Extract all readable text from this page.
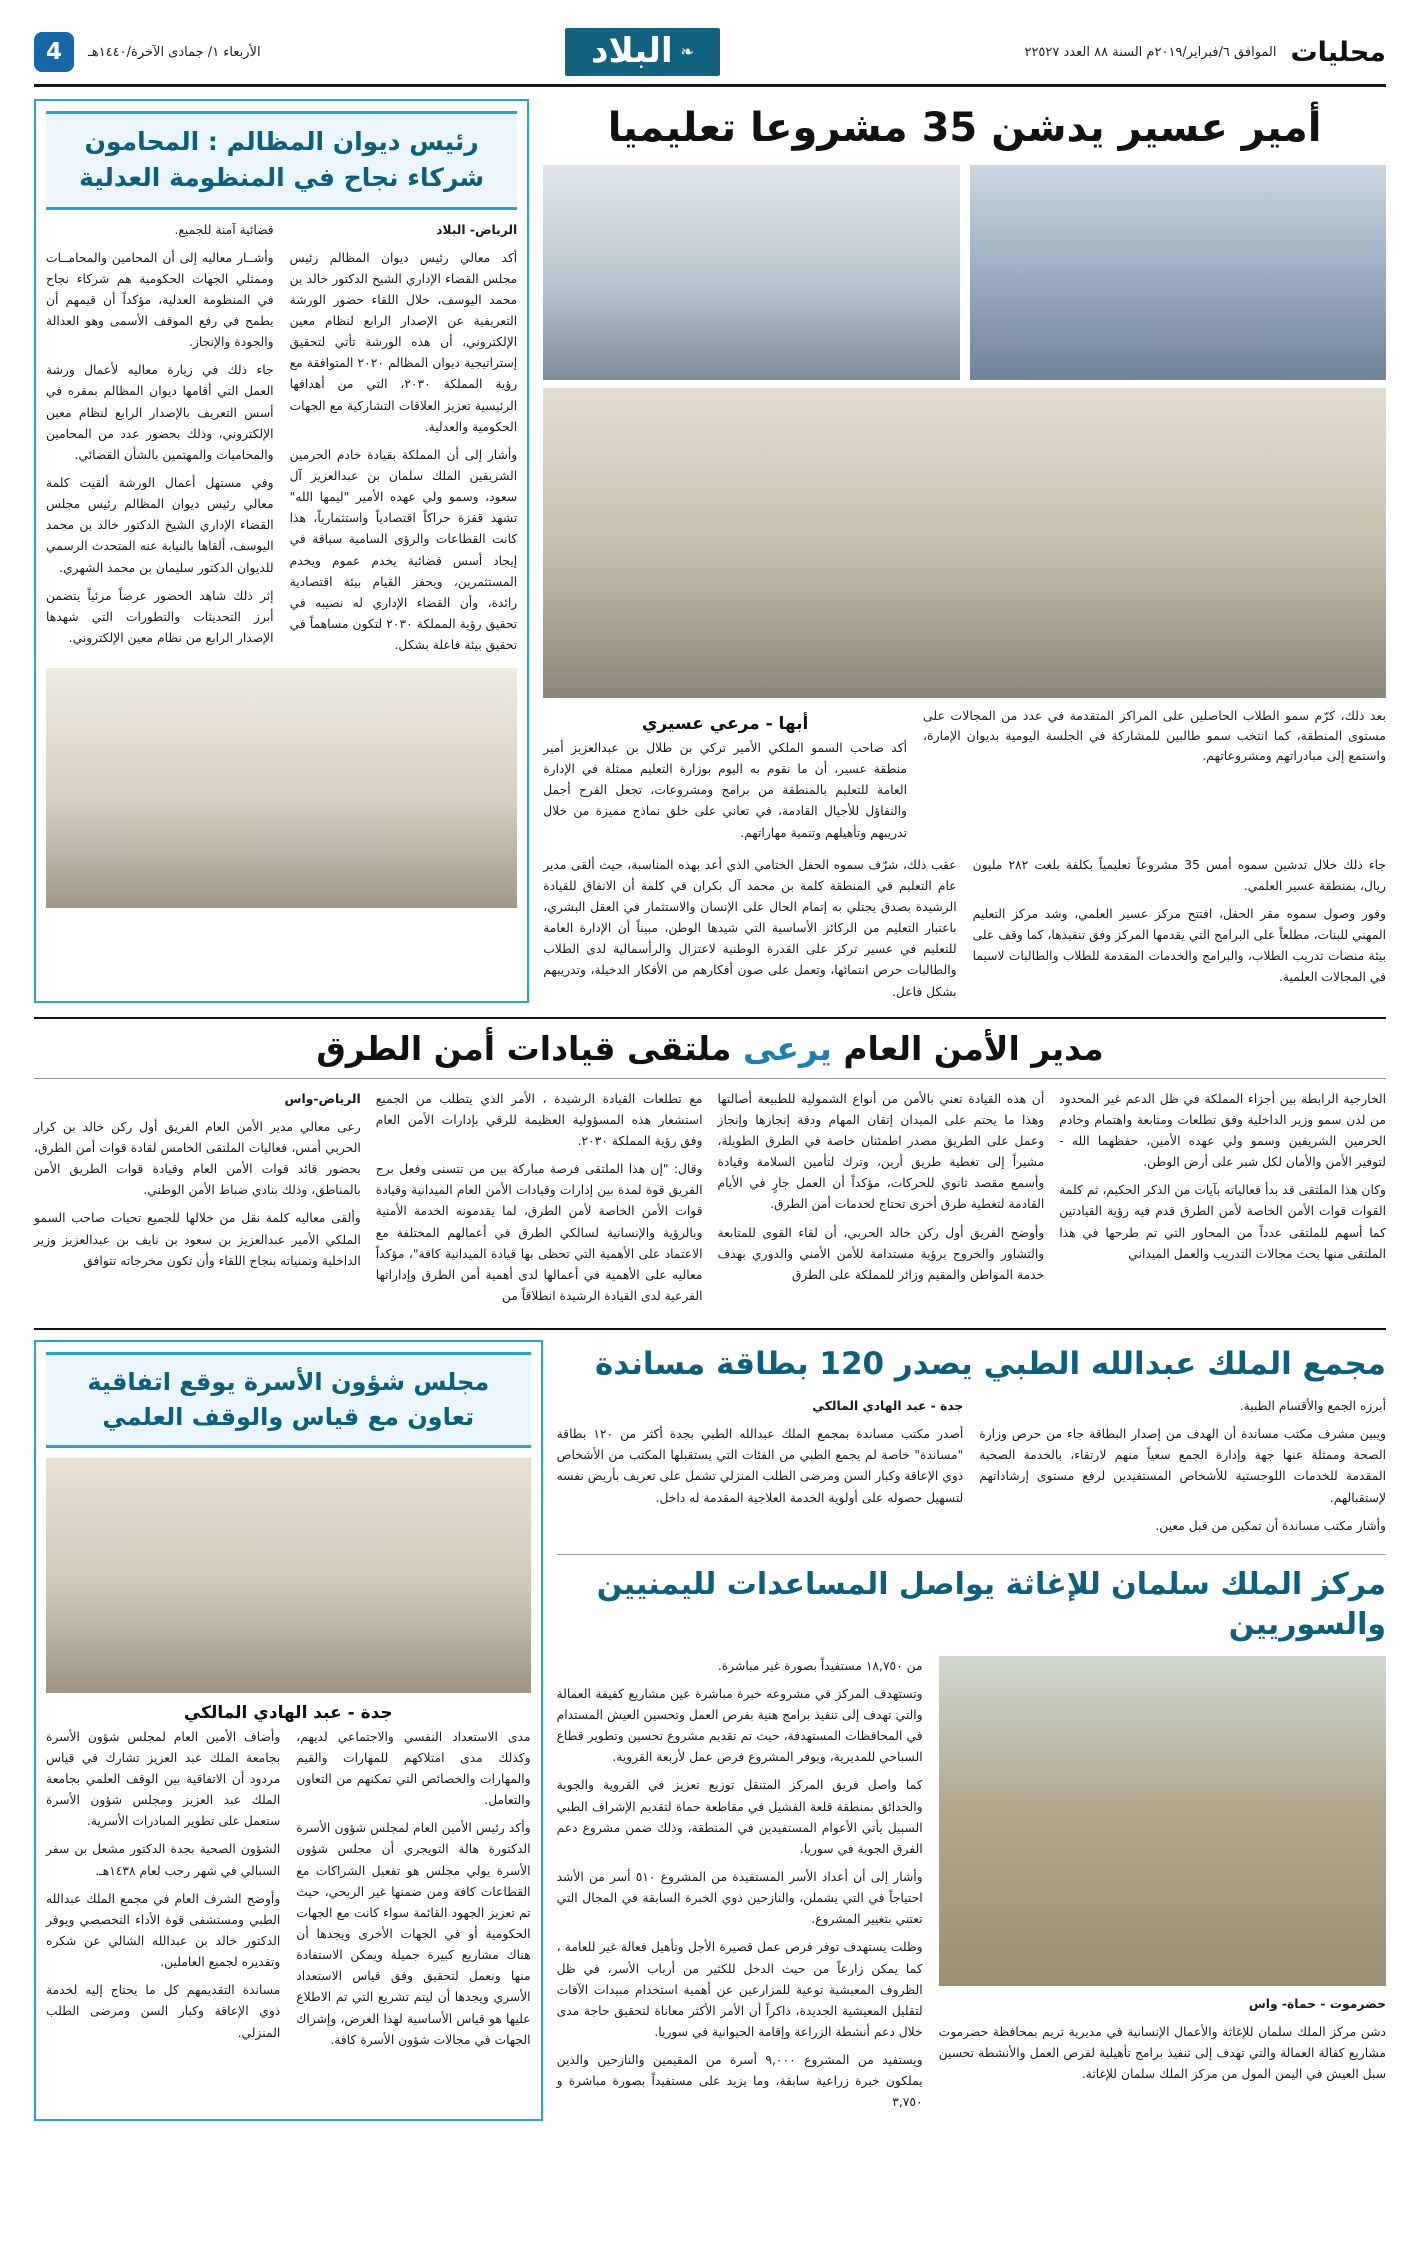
محليات
الموافق ٦/فبراير/٢٠١٩م السنة ٨٨ العدد ٢٢٥٢٧
❧
البلاد
الأربعاء ١/ جمادى الآخرة/١٤٤٠هـ
4
أمير عسير يدشن 35 مشروعا تعليميا
بعد ذلك، كرّم سمو الطلاب الحاصلين على المراكز المتقدمة في عدد من المجالات على مستوى المنطقة، كما انتخب سمو طالبين للمشاركة في الجلسة اليومية بديوان الإمارة، واستمع إلى مبادراتهم ومشروعاتهم.
أبها - مرعي عسيري

أكد صاحب السمو الملكي الأمير تركي بن طلال بن عبدالعزيز أمير منطقة عسير، أن ما نقوم به اليوم بوزارة التعليم ممثلة في الإدارة العامة للتعليم بالمنطقة من برامج ومشروعات، تجعل الفرح أجمل والتفاؤل للأجيال القادمة، في تعاني على خلق نماذج مميزة من خلال تدريبهم وتأهيلهم وتنمية مهاراتهم.

جاء ذلك خلال تدشين سموه أمس 35 مشروعاً تعليمياً بكلفة بلغت ٢٨٢ مليون ريال، بمنطقة عسير العلمي.

وفور وصول سموه مقر الحفل، افتتح مركز عسير العلمي، وشد مركز التعليم المهني للبنات، مطلعاً على البرامج التي يقدمها المركز وفق تنفيذها، كما وقف على بيئة منصات تدريب الطلاب، والبرامج والخدمات المقدمة للطلاب والطالبات لاسيما في المجالات العلمية.

عقب ذلك، شرّف سموه الحفل الختامي الذي أعد بهذه المناسبة، حيث ألقى مدير عام التعليم في المنطقة كلمة بن محمد آل بكران في كلمة أن الانفاق للقيادة الرشيدة بصدق يجتلي به إتمام الحال على الإنسان والاستثمار في العقل البشري، باعتبار التعليم من الركائز الأساسية التي شيدها الوطن، مبيناً أن الإدارة العامة للتعليم في عسير تركز على القدرة الوطنية لاعتزال والرأسمالية لدى الطلاب والطالبات حرص انتمائها، وتعمل على صون أفكارهم من الأفكار الدخيلة، وتدريبهم بشكل فاعل.

رئيس ديوان المظالم : المحامون شركاء نجاح في المنظومة العدلية

الرياض- البلاد

أكد معالي رئيس ديوان المظالم رئيس مجلس القضاء الإداري الشيخ الدكتور خالد بن محمد اليوسف، خلال اللقاء حضور الورشة التعريفية عن الإصدار الرابع لنظام معين الإلكتروني، أن هذه الورشة تأتي لتحقيق إستراتيجية ديوان المظالم ٢٠٢٠ المتوافقة مع رؤية المملكة ٢٠٣٠، التي من أهدافها الرئيسية تعزيز العلاقات التشاركية مع الجهات الحكومية والعدلية.

وأشار إلى أن المملكة بقيادة خادم الحرمين الشريفين الملك سلمان بن عبدالعزيز آل سعود، وسمو ولي عهده الأمير "ليمها الله" تشهد قفزة حراكاً اقتصادياً واستثمارياً، هذا كانت القطاعات والرؤى السامية سباقة في إيجاد أسس قضائية يخدم عموم ويخدم المستثمرين، ويحفز القيام بيئة اقتصادية رائدة، وأن القضاء الإداري له نصيبه في تحقيق رؤية المملكة ٢٠٣٠ لتكون مساهماً في تحقيق بيئة فاعلة بشكل.

قضائية آمنة للجميع.

وأشــار معاليه إلى أن المحامين والمحامــات وممثلي الجهات الحكومية هم شركاء نجاح في المنظومة العدلية، مؤكداً أن قيمهم أن يطمح في رفع الموقف الأسمى وهو العدالة والجودة والإنجاز.

جاء ذلك في زيارة معاليه لأعمال ورشة العمل التي أقامها ديوان المظالم بمقره في أسس التعريف بالإصدار الرابع لنظام معين الإلكتروني، وذلك بحضور عدد من المحامين والمحاميات والمهتمين بالشأن القضائي.

وفي مستهل أعمال الورشة ألقيت كلمة معالي رئيس ديوان المظالم رئيس مجلس القضاء الإداري الشيخ الدكتور خالد بن محمد اليوسف، ألقاها بالنيابة عنه المتحدث الرسمي للديوان الدكتور سليمان بن محمد الشهري.

إثر ذلك شاهد الحضور عرضاً مرئياً يتضمن أبرز التحديثات والتطورات التي شهدها الإصدار الرابع من نظام معين الإلكتروني.

مدير الأمن العام يرعى ملتقى قيادات أمن الطرق

الخارجية الرابطة بين أجزاء المملكة في ظل الدعم غير المحدود من لدن سمو وزير الداخلية وفق تطلعات ومتابعة واهتمام وخادم الحرمين الشريفين وسمو ولي عهده الأمين، حفظهما الله - لتوفير الأمن والأمان لكل شبر على أرض الوطن.

وكان هذا الملتقى قد بدأ فعالياته بآيات من الذكر الحكيم، ثم كلمة القوات قوات الأمن الخاصة لأمن الطرق قدم فيه رؤية القيادتين كما أسهم للملتقى عدداً من المحاور التي تم طرحها في هذا الملتقى منها بحث مجالات التدريب والعمل الميداني

أن هذه القيادة تعني بالأمن من أنواع الشمولية للطبيعة أصالتها وهذا ما يحتم على الميدان إتقان المهام ودقة إنجازها وإنجاز وعمل على الطريق مصدر اطمئنان خاصة في الطرق الطويلة، مشيراً إلى تغطية طريق أرين، وترك لتأمين السلامة وقيادة وأسمع مقصد ثانوي للحركات، مؤكداً أن العمل جارٍ في الأيام القادمة لتغطية طرق أخرى تحتاج لخدمات أمن الطرق.

وأوضح الفريق أول ركن خالد الحربي، أن لقاء القوى للمتابعة والتشاور والخروج برؤية مستدامة للأمن الأمني والدوري بهدف خدمة المواطن والمقيم وزائر للمملكة على الطرق

مع تطلعات القيادة الرشيدة ، الأمر الذي يتطلب من الجميع استشعار هذه المسؤولية العظيمة للرقي بإدارات الأمن العام وفق رؤية المملكة ٢٠٣٠.

وقال: "إن هذا الملتقى فرصة مباركة بين من تتسنى وفعل برج الفريق قوة لمدة بين إدارات وقيادات الأمن العام الميدانية وقيادة قوات الأمن الخاصة لأمن الطرق، لما يقدمونه الخدمة الأمنية وبالرؤية والإنسانية لسالكي الطرق في أعمالهم المختلفة مع الاعتماد على الأهمية التي تحظى بها قيادة الميدانية كافة"، مؤكداً معاليه على الأهمية في أعمالها لدى أهمية أمن الطرق وإداراتها الفرعية لدى القيادة الرشيدة انطلاقاً من

الرياض-واس

رعى معالي مدير الأمن العام الفريق أول ركن خالد بن كرار الحربي أمس، فعاليات الملتقى الخامس لقادة قوات أمن الطرق، بحضور قائد قوات الأمن العام وقيادة قوات الطريق الأمن بالمناطق، وذلك بنادي ضباط الأمن الوطني.

وألقى معاليه كلمة نقل من خلالها للجميع تحيات صاحب السمو الملكي الأمير عبدالعزيز بن سعود بن نايف بن عبدالعزيز وزير الداخلية وتمنياته بنجاح اللقاء وأن تكون مخرجاته تتوافق

مجمع الملك عبدالله الطبي يصدر 120 بطاقة مساندة

أبرزه الجمع والأقسام الطبية.

ويبين مشرف مكتب مساندة أن الهدف من إصدار البطاقة جاء من حرص وزارة الصحة وممثلة عنها جهة وإدارة الجمع سعياً منهم لارتقاء، بالخدمة الصحية المقدمة للخدمات اللوجستية للأشخاص المستفيدين لرفع مستوى إرشاداتهم لإستقبالهم.

وأشار مكتب مساندة أن تمكين من قبل معين.

جدة - عبد الهادي المالكي

أصدر مكتب مساندة بمجمع الملك عبدالله الطبي بجدة أكثر من ١٢٠ بطاقة "مساندة" خاصة لم يجمع الطبي من الفئات التي يستقبلها المكتب من الأشخاص ذوي الإعاقة وكبار السن ومرضى الطلب المنزلي تشمل على تعريف بأريض نفسه لتسهيل حصوله على أولوية الخدمة العلاجية المقدمة له داخل.

مركز الملك سلمان للإغاثة يواصل المساعدات لليمنيين والسوريين

حضرموت - حماة- واس

دشن مركز الملك سلمان للإغاثة والأعمال الإنسانية في مديرية تريم بمحافظة حضرموت مشاريع كفالة العمالة والتي تهدف إلى تنفيذ برامج تأهيلية لفرص العمل والأنشطة تحسين سبل العيش في اليمن المول من مركز الملك سلمان للإغاثة.

من ١٨,٧٥٠ مستفيداً بصورة غير مباشرة.

وتستهدف المركز في مشروعه خبرة مباشرة عين مشاريع كفيفة العمالة والتي تهدف إلى تنفيذ برامج هنية بفرص العمل وتحسين العيش المستدام في المحافظات المستهدفة، حيث تم تقديم مشروع تحسين وتطوير قطاع السباحي للمديرية، ويوفر المشروع فرص عمل لأربعة القروية.

كما واصل فريق المركز المتنقل توزيع تعزيز في القروية والجوية والحدائق بمنطقة قلعة الفشيل في مقاطعة حماة لتقديم الإشراف الطبي السبيل يأتي الأعوام المستفيدين في المنطقة، وذلك ضمن مشروع دعم الفرق الجوية في سوريا.

وأشار إلى أن أعداد الأسر المستفيدة من المشروع ٥١٠ أسر من الأشد احتياجاً في التي يشملن، والنازحين ذوي الخبرة السابقة في المجال التي تعتني بتغيير المشروع.

وظلت يستهدف توفر فرص عمل قصيرة الأجل وتأهيل فعالة غير للعامة ، كما يمكن زارعاً من حيث الدخل للكثير من أرباب الأسر، في ظل الظروف المعيشية توعية للمزارعين عن أهمية استخدام مبيدات الآفات لتقليل المعيشية الجديدة، ذاكراً أن الأمر الأكثر معاناة لتحقيق حاجة مدى خلال دعم أنشطة الزراعة وإقامة الحيوانية في سوريا.

ويستفيد من المشروع ٩,٠٠٠ أسرة من المقيمين والنازحين والذين يملكون خبرة زراعية سابقة، وما يزيد على مستفيداً بصورة مباشرة و ٣,٧٥٠

مجلس شؤون الأسرة يوقع اتفاقية تعاون مع قياس والوقف العلمي
جدة - عبد الهادي المالكي

مدى الاستعداد النفسي والاجتماعي لديهم، وكذلك مدى امتلاكهم للمهارات والقيم والمهارات والخصائص التي تمكنهم من التعاون والتعامل.

وأكد رئيس الأمين العام لمجلس شؤون الأسرة الدكتورة هالة التويجري أن مجلس شؤون الأسرة يولي مجلس هو تفعيل الشراكات مع القطاعات كافة ومن ضمنها غير الربحي، حيث تم تعزيز الجهود القائمة سواء كانت مع الجهات الحكومية أو في الجهات الأخرى ويجدها أن هناك مشاريع كبيرة جميلة ويمكن الاستفادة منها ونعمل لتحقيق وفق قياس الاستعداد الأسري ويجدها أن ليتم تشريع التي تم الاطلاع عليها هو قياس الأساسية لهذا الغرض، وإشراك الجهات في مجالات شؤون الأسرة كافة.

وأضاف الأمين العام لمجلس شؤون الأسرة بجامعة الملك عبد العزيز تشارك في قياس مردود أن الاتفاقية بين الوقف العلمي بجامعة الملك عبد العزيز ومجلس شؤون الأسرة ستعمل على تطوير المبادرات الأسرية.

الشؤون الصحية بجدة الدكتور مشعل بن سفر السبالي في شهر رجب لعام ١٤٣٨هـ.

وأوضح الشرف العام في مجمع الملك عبدالله الطبي ومستشفى قوة الأداء التخصصي ويوفر الدكتور خالد بن عبدالله الشالي عن شكره وتقديره لجميع العاملين.

مساندة التقديمهم كل ما يحتاج إليه لخدمة ذوي الإعاقة وكبار السن ومرضى الطلب المنزلي.
